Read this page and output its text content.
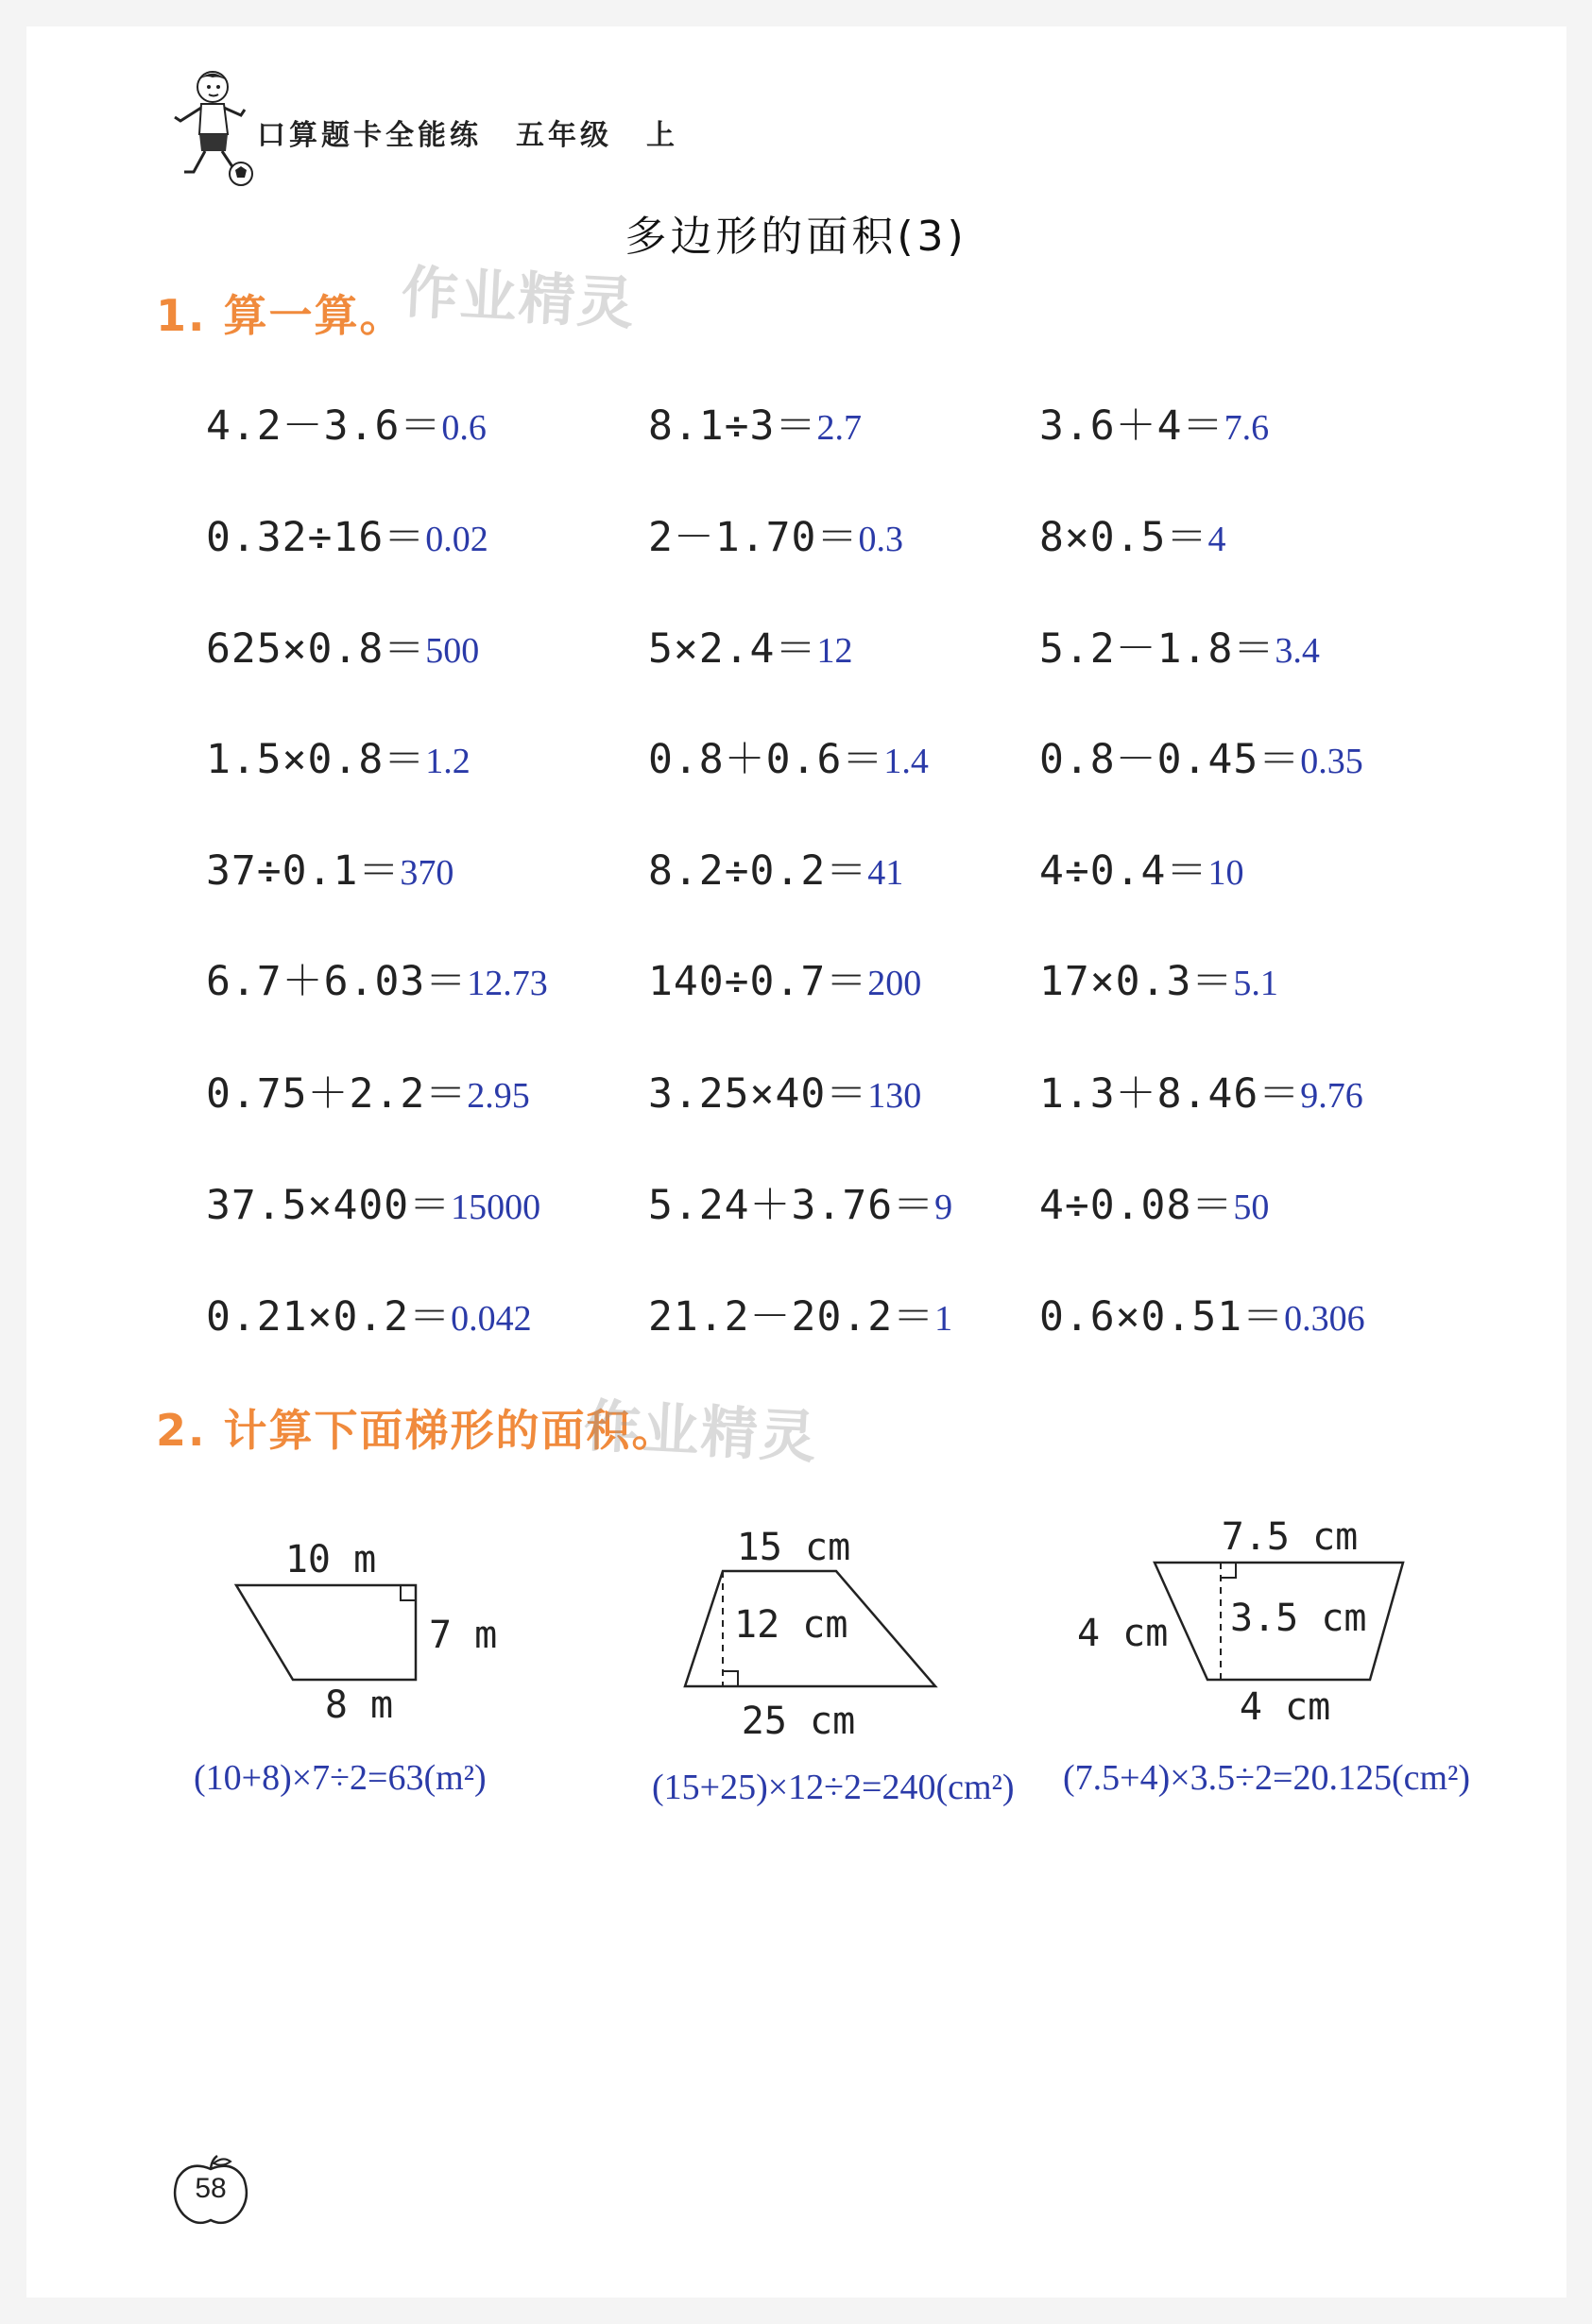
口算题卡全能练 五年级 上
多边形的面积(3)
1. 算一算。
作业精灵
4.2－3.6＝0.6
0.32÷16＝0.02
625×0.8＝500
1.5×0.8＝1.2
37÷0.1＝370
6.7＋6.03＝12.73
0.75＋2.2＝2.95
37.5×400＝15000
0.21×0.2＝0.042
8.1÷3＝2.7
2－1.70＝0.3
5×2.4＝12
0.8＋0.6＝1.4
8.2÷0.2＝41
140÷0.7＝200
3.25×40＝130
5.24＋3.76＝9
21.2－20.2＝1
3.6＋4＝7.6
8×0.5＝4
5.2－1.8＝3.4
0.8－0.45＝0.35
4÷0.4＝10
17×0.3＝5.1
1.3＋8.46＝9.76
4÷0.08＝50
0.6×0.51＝0.306
2. 计算下面梯形的面积。
作业精灵
10 m
7 m
8 m
(10+8)×7÷2=63(m²)
15 cm
12 cm
25 cm
(15+25)×12÷2=240(cm²)
7.5 cm
4 cm 3.5 cm
4 cm
(7.5+4)×3.5÷2=20.125(cm²)
58
